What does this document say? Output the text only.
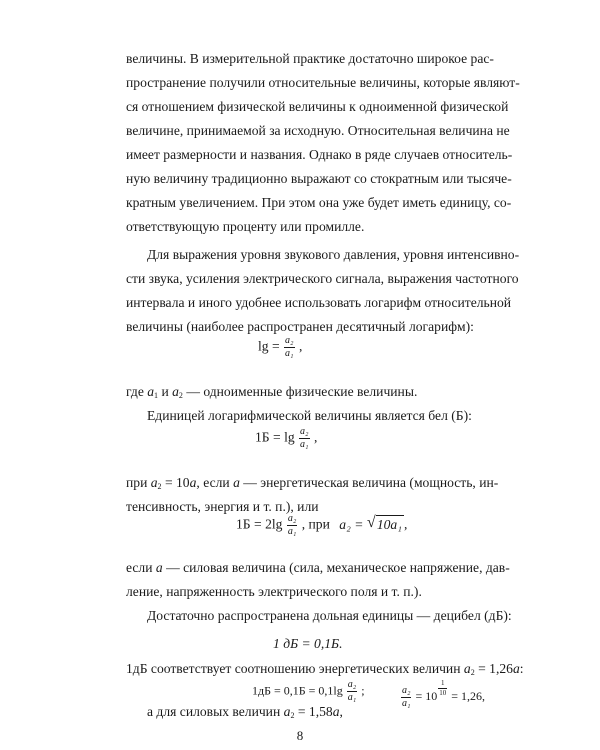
величины. В измерительной практике достаточно широкое рас-
пространение получили относительные величины, которые являют-
ся отношением физической величины к одноименной физической
величине, принимаемой за исходную. Относительная величина не
имеет размерности и названия. Однако в ряде случаев относитель-
ную величину традиционно выражают со стократным или тысяче-
кратным увеличением. При этом она уже будет иметь единицу, со-
ответствующую проценту или промилле.
Для выражения уровня звукового давления, уровня интенсивно-
сти звука, усиления электрического сигнала, выражения частотного
интервала и иного удобнее использовать логарифм относительной
величины (наиболее распространен десятичный логарифм):
$\lg = \frac{\text{a₂}}{\text{a₁}}$ ,
где $a_1$ и $a_2$ — одноименные физические величины.
Единицей логарифмической величины является бел (Б):
$1Б = \lg \frac{\text{a₂}}{\text{a₁}}$ ,
при $a_2 = 10a$, если a — энергетическая величина (мощность, ин-
тенсивность, энергия и т. п.), или
$1Б = 2\lg \frac{\text{a₂}}{\text{a₁}}$ , при a₂ = √ 10a₁ ,
если a — силовая величина (сила, механическое напряжение, дав-
ление, напряженность электрического поля и т. п.).
Достаточно распространена дольная единицы — децибел (дБ):
1 дБ = 0,1Б.
1дБ соответствует соотношению энергетических величин $a_2 = 1,26a$:
$1дБ = 0,1Б = 0,1\lg \frac{\text{a₂}}{\text{a₁}}$ ;	$\frac{\text{a₂}}{\text{a₁}} = 10 \frac{1}{10} = 1,26$,
а для силовых величин $a_2 = 1,58a$,
8
